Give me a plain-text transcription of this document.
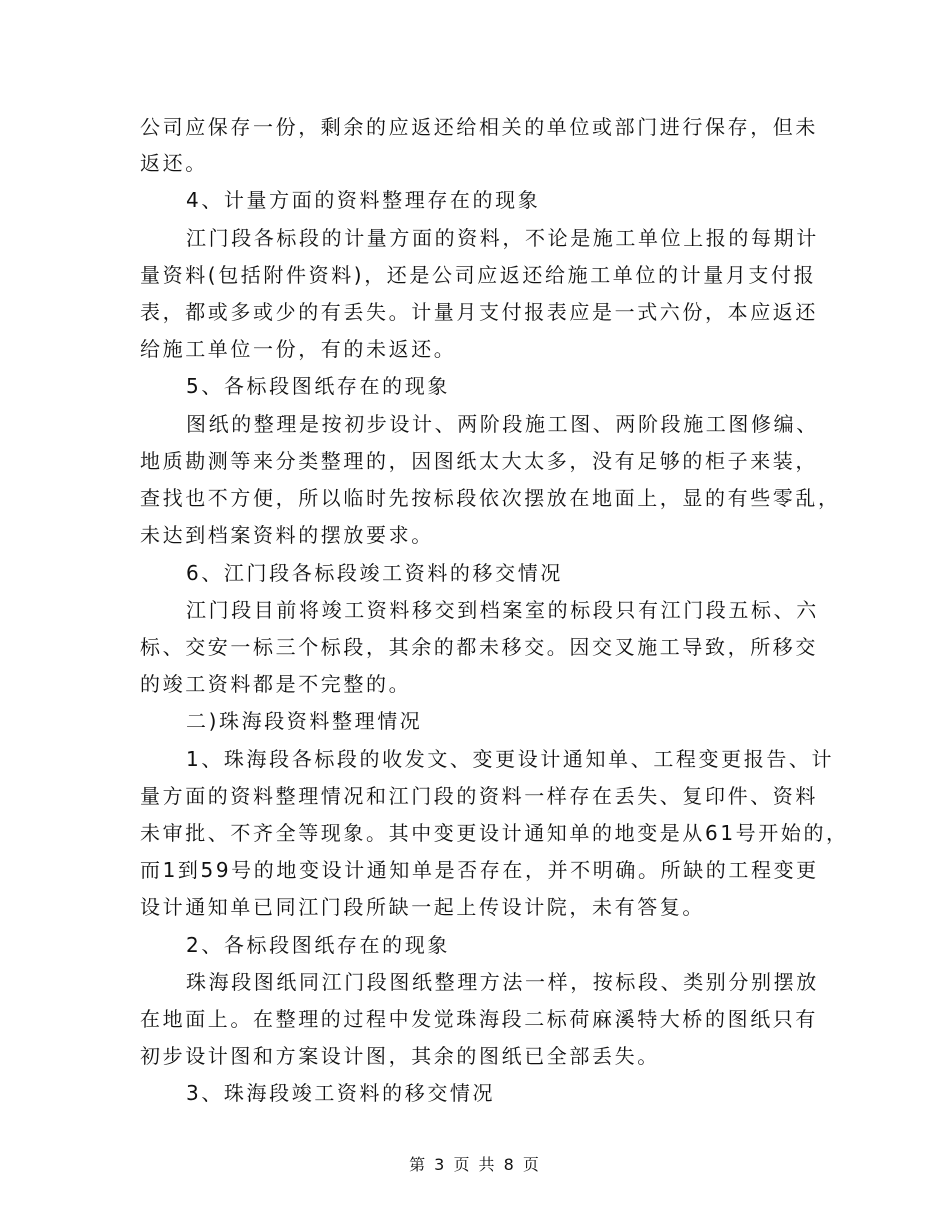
公司应保存一份，剩余的应返还给相关的单位或部门进行保存，但未
返还。
4、计量方面的资料整理存在的现象
江门段各标段的计量方面的资料，不论是施工单位上报的每期计
量资料(包括附件资料)，还是公司应返还给施工单位的计量月支付报
表，都或多或少的有丢失。计量月支付报表应是一式六份，本应返还
给施工单位一份，有的未返还。
5、各标段图纸存在的现象
图纸的整理是按初步设计、两阶段施工图、两阶段施工图修编、
地质勘测等来分类整理的，因图纸太大太多，没有足够的柜子来装，
查找也不方便，所以临时先按标段依次摆放在地面上，显的有些零乱，
未达到档案资料的摆放要求。
6、江门段各标段竣工资料的移交情况
江门段目前将竣工资料移交到档案室的标段只有江门段五标、六
标、交安一标三个标段，其余的都未移交。因交叉施工导致，所移交
的竣工资料都是不完整的。
二)珠海段资料整理情况
1、珠海段各标段的收发文、变更设计通知单、工程变更报告、计
量方面的资料整理情况和江门段的资料一样存在丢失、复印件、资料
未审批、不齐全等现象。其中变更设计通知单的地变是从61号开始的，
而1到59号的地变设计通知单是否存在，并不明确。所缺的工程变更
设计通知单已同江门段所缺一起上传设计院，未有答复。
2、各标段图纸存在的现象
珠海段图纸同江门段图纸整理方法一样，按标段、类别分别摆放
在地面上。在整理的过程中发觉珠海段二标荷麻溪特大桥的图纸只有
初步设计图和方案设计图，其余的图纸已全部丢失。
3、珠海段竣工资料的移交情况
第 3 页 共 8 页
